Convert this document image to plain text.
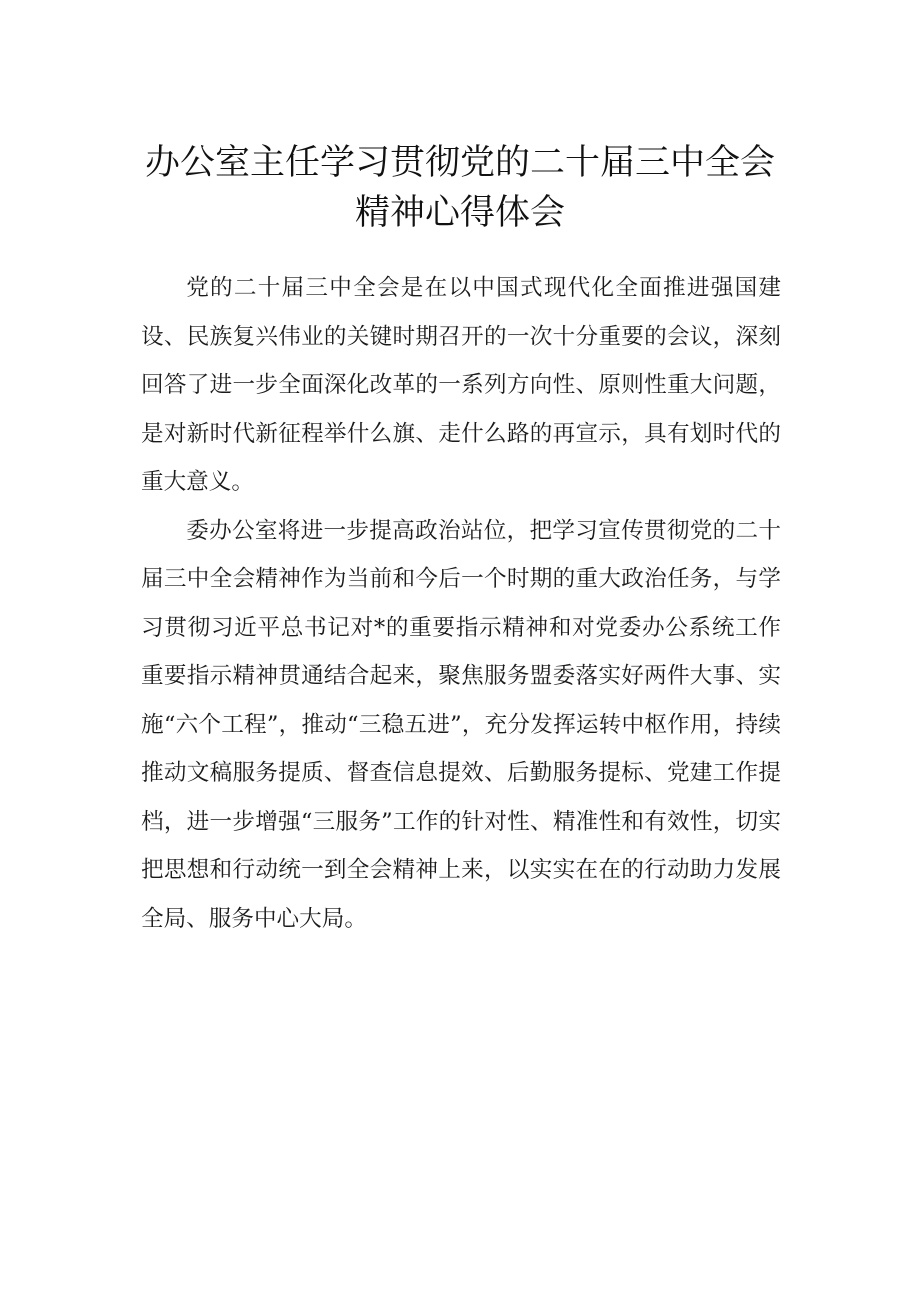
办公室主任学习贯彻党的二十届三中全会
精神心得体会

党的二十届三中全会是在以中国式现代化全面推进强国建设、民族复兴伟业的关键时期召开的一次十分重要的会议，深刻回答了进一步全面深化改革的一系列方向性、原则性重大问题，是对新时代新征程举什么旗、走什么路的再宣示，具有划时代的重大意义。

委办公室将进一步提高政治站位，把学习宣传贯彻党的二十届三中全会精神作为当前和今后一个时期的重大政治任务，与学习贯彻习近平总书记对*的重要指示精神和对党委办公系统工作重要指示精神贯通结合起来，聚焦服务盟委落实好两件大事、实施“六个工程”，推动“三稳五进”，充分发挥运转中枢作用，持续推动文稿服务提质、督查信息提效、后勤服务提标、党建工作提档，进一步增强“三服务”工作的针对性、精准性和有效性，切实把思想和行动统一到全会精神上来，以实实在在的行动助力发展全局、服务中心大局。
